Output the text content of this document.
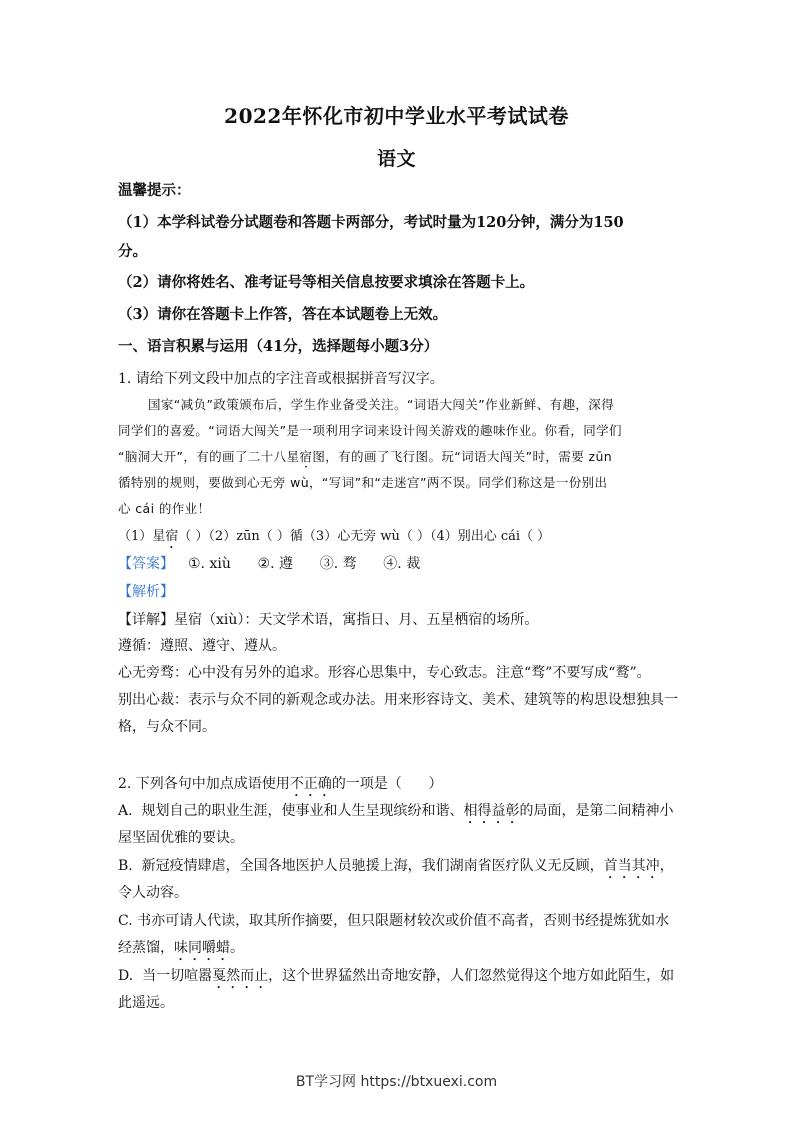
2022年怀化市初中学业水平考试试卷
语文
温馨提示：
（1）本学科试卷分试题卷和答题卡两部分，考试时量为120分钟，满分为150
分。
（2）请你将姓名、准考证号等相关信息按要求填涂在答题卡上。
（3）请你在答题卡上作答，答在本试题卷上无效。
一、语言积累与运用（41分，选择题每小题3分）
1. 请给下列文段中加点的字注音或根据拼音写汉字。
国家“减负”政策颁布后，学生作业备受关注。“词语大闯关”作业新鲜、有趣，深得
同学们的喜爱。“词语大闯关”是一项利用字词来设计闯关游戏的趣味作业。你看，同学们
“脑洞大开”，有的画了二十八星宿图，有的画了飞行图。玩“词语大闯关”时，需要 zūn
循特别的规则，要做到心无旁 wù，“写词”和“走迷宫”两不误。同学们称这是一份别出
心 cái 的作业！
（1）星宿（ ）（2）zūn（ ）循（3）心无旁 wù（ ）（4）别出心 cái（ ）
【答案】 ①. xiù      ②. 遵      ③. 骛      ④. 裁
【解析】
【详解】星宿（xiù）：天文学术语，寓指日、月、五星栖宿的场所。
遵循：遵照、遵守、遵从。
心无旁骛：心中没有另外的追求。形容心思集中，专心致志。注意“骛”不要写成“鹜”。
别出心裁：表示与众不同的新观念或办法。用来形容诗文、美术、建筑等的构思设想独具一
格，与众不同。
2. 下列各句中加点成语使用不正确的一项是（      ）
A.  规划自己的职业生涯，使事业和人生呈现缤纷和谐、相得益彰的局面，是第二间精神小
屋坚固优雅的要诀。
B.  新冠疫情肆虐，全国各地医护人员驰援上海，我们湖南省医疗队义无反顾，首当其冲，
令人动容。
C. 书亦可请人代读，取其所作摘要，但只限题材较次或价值不高者，否则书经提炼犹如水
经蒸馏，味同嚼蜡。
D.  当一切喧嚣戛然而止，这个世界猛然出奇地安静，人们忽然觉得这个地方如此陌生，如
此遥远。
BT学习网 https://btxuexi.com
